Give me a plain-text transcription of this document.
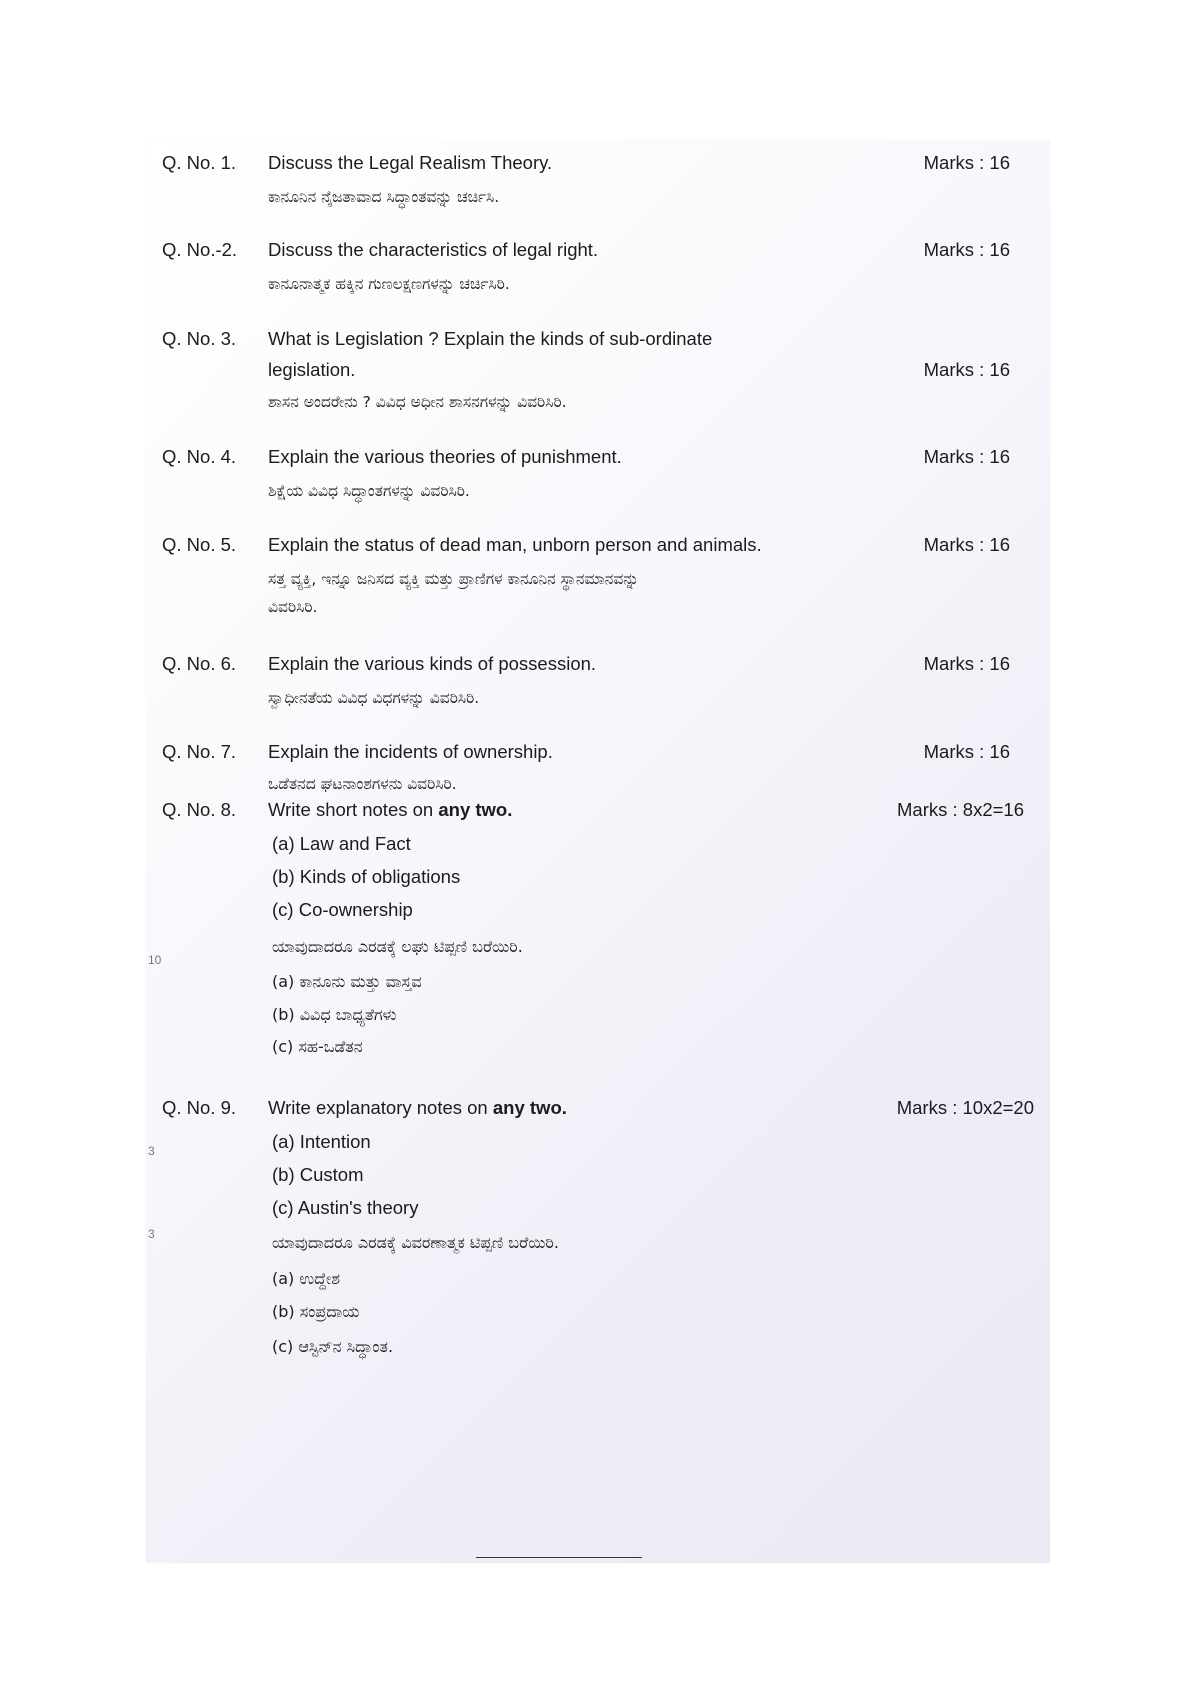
Q. No. 1. Discuss the Legal Realism Theory.	Marks : 16
ಕಾನೂನಿನ ನೈಜತಾವಾದ ಸಿದ್ಧಾಂತವನ್ನು ಚರ್ಚಿಸಿ.
Q. No.-2. Discuss the characteristics of legal right.	Marks : 16
ಕಾನೂನಾತ್ಮಕ ಹಕ್ಕಿನ ಗುಣಲಕ್ಷಣಗಳನ್ನು ಚರ್ಚಿಸಿರಿ.
Q. No. 3. What is Legislation ? Explain the kinds of sub-ordinate
legislation.	Marks : 16
ಶಾಸನ ಅಂದರೇನು ? ವಿವಿಧ ಅಧೀನ ಶಾಸನಗಳನ್ನು ವಿವರಿಸಿರಿ.
Q. No. 4. Explain the various theories of punishment.	Marks : 16
ಶಿಕ್ಷೆಯ ವಿವಿಧ ಸಿದ್ಧಾಂತಗಳನ್ನು ವಿವರಿಸಿರಿ.
Q. No. 5. Explain the status of dead man, unborn person and animals.	Marks : 16
ಸತ್ತ ವ್ಯಕ್ತಿ, ಇನ್ನೂ ಜನಿಸದ ವ್ಯಕ್ತಿ ಮತ್ತು ಪ್ರಾಣಿಗಳ ಕಾನೂನಿನ ಸ್ಥಾನಮಾನವನ್ನು
ವಿವರಿಸಿರಿ.
Q. No. 6. Explain the various kinds of possession.	Marks : 16
ಸ್ವಾಧೀನತೆಯ ವಿವಿಧ ವಿಧಗಳನ್ನು ವಿವರಿಸಿರಿ.
Q. No. 7. Explain the incidents of ownership.	Marks : 16
ಒಡೆತನದ ಘಟನಾಂಶಗಳನು ವಿವರಿಸಿರಿ.
Q. No. 8. Write short notes on any two.	Marks : 8x2=16
(a) Law and Fact
(b) Kinds of obligations
(c) Co-ownership
ಯಾವುದಾದರೂ ಎರಡಕ್ಕೆ ಲಘು ಟಿಪ್ಪಣಿ ಬರೆಯಿರಿ.
(a) ಕಾನೂನು ಮತ್ತು ವಾಸ್ತವ
(b) ವಿವಿಧ ಬಾಧ್ಯತೆಗಳು
(c) ಸಹ-ಒಡೆತನ
Q. No. 9. Write explanatory notes on any two.	Marks : 10x2=20
(a) Intention
(b) Custom
(c) Austin's theory
ಯಾವುದಾದರೂ ಎರಡಕ್ಕೆ ವಿವರಣಾತ್ಮಕ ಟಿಪ್ಪಣಿ ಬರೆಯಿರಿ.
(a) ಉದ್ದೇಶ
(b) ಸಂಪ್ರದಾಯ
(c) ಆಸ್ಟಿನ್‌ನ ಸಿದ್ಧಾಂತ.
10
3
3
